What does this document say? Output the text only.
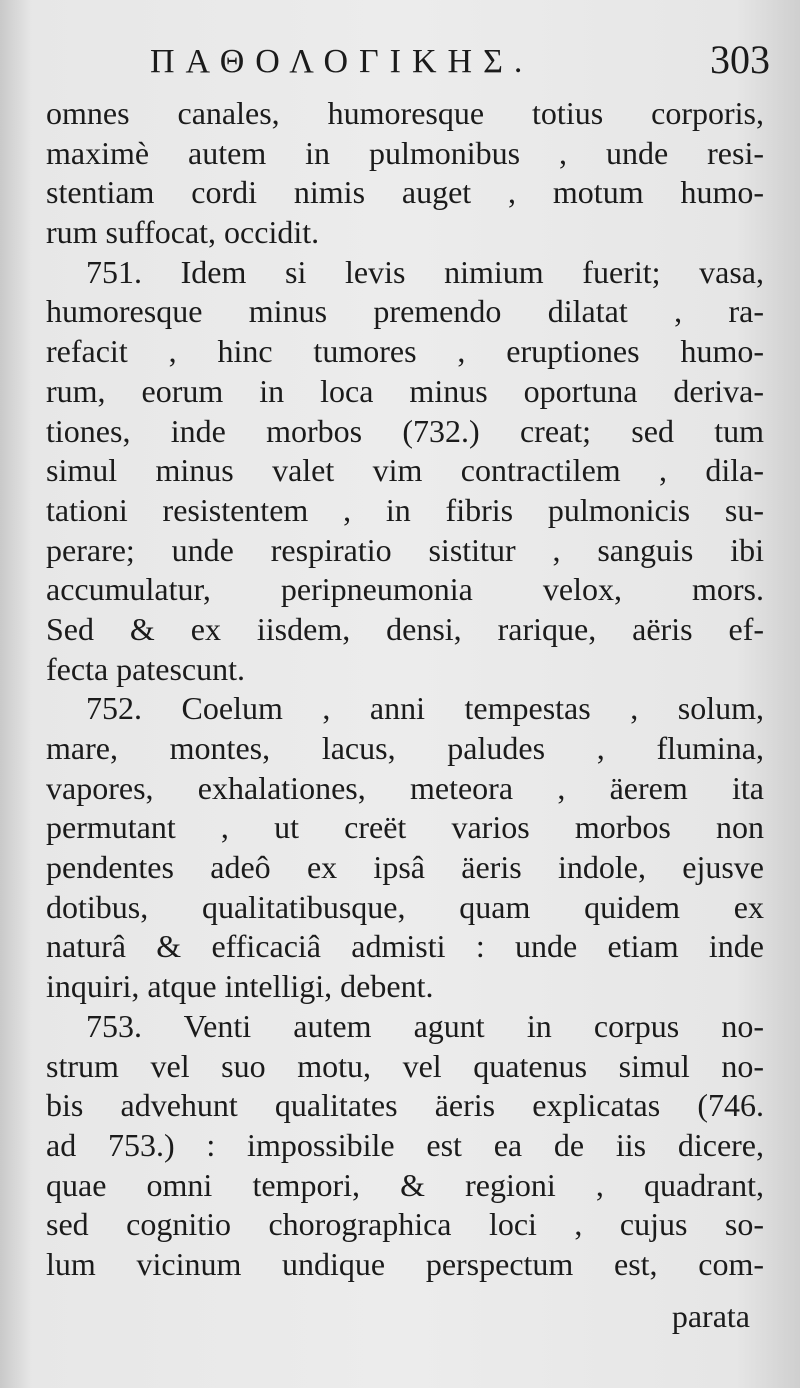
ΠΑΘΟΛΟΓΙΚΗΣ.	303
omnes canales, humoresque totius corporis,
maximè autem in pulmonibus , unde resi-
stentiam cordi nimis auget , motum humo-
rum suffocat, occidit.
751. Idem si levis nimium fuerit; vasa,
humoresque minus premendo dilatat , ra-
refacit , hinc tumores , eruptiones humo-
rum, eorum in loca minus oportuna deriva-
tiones, inde morbos (732.) creat; sed tum
simul minus valet vim contractilem , dila-
tationi resistentem , in fibris pulmonicis su-
perare; unde respiratio sistitur , sanguis ibi
accumulatur, peripneumonia velox, mors.
Sed & ex iisdem, densi, rarique, aëris ef-
fecta patescunt.
752. Coelum , anni tempestas , solum,
mare, montes, lacus, paludes , flumina,
vapores, exhalationes, meteora , äerem ita
permutant , ut creët varios morbos non
pendentes adeô ex ipsâ äeris indole, ejusve
dotibus, qualitatibusque, quam quidem ex
naturâ & efficaciâ admisti : unde etiam inde
inquiri, atque intelligi, debent.
753. Venti autem agunt in corpus no-
strum vel suo motu, vel quatenus simul no-
bis advehunt qualitates äeris explicatas (746.
ad 753.) : impossibile est ea de iis dicere,
quae omni tempori, & regioni , quadrant,
sed cognitio chorographica loci , cujus so-
lum vicinum undique perspectum est, com-
parata
